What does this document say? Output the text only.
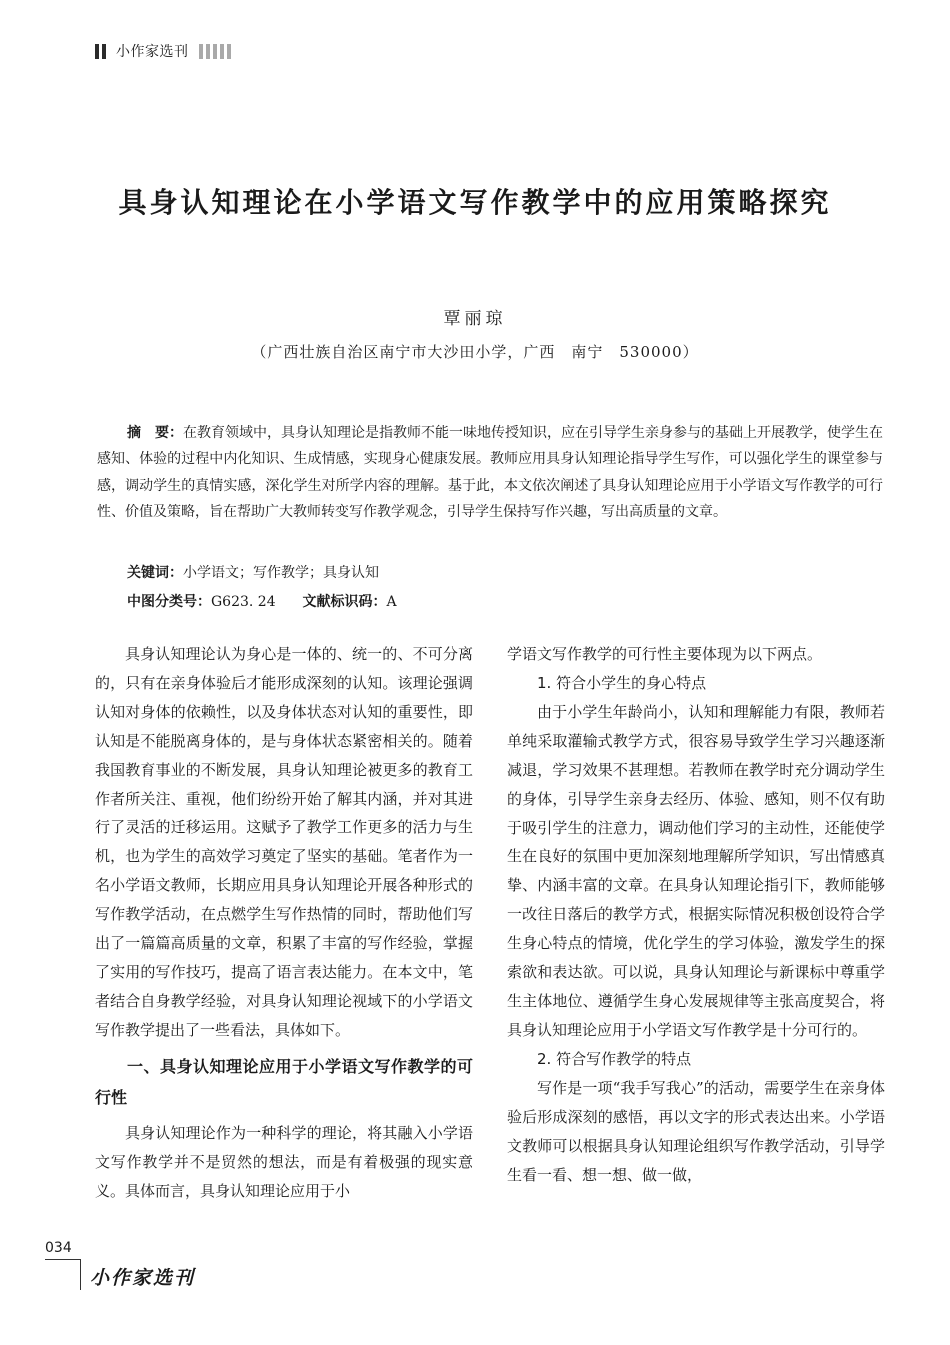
小作家选刊
具身认知理论在小学语文写作教学中的应用策略探究
覃丽琼
（广西壮族自治区南宁市大沙田小学，广西　南宁　530000）
摘　要：在教育领域中，具身认知理论是指教师不能一味地传授知识，应在引导学生亲身参与的基础上开展教学，使学生在感知、体验的过程中内化知识、生成情感，实现身心健康发展。教师应用具身认知理论指导学生写作，可以强化学生的课堂参与感，调动学生的真情实感，深化学生对所学内容的理解。基于此，本文依次阐述了具身认知理论应用于小学语文写作教学的可行性、价值及策略，旨在帮助广大教师转变写作教学观念，引导学生保持写作兴趣，写出高质量的文章。
关键词：小学语文；写作教学；具身认知
中图分类号：G623. 24 文献标识码：A

具身认知理论认为身心是一体的、统一的、不可分离的，只有在亲身体验后才能形成深刻的认知。该理论强调认知对身体的依赖性，以及身体状态对认知的重要性，即认知是不能脱离身体的，是与身体状态紧密相关的。随着我国教育事业的不断发展，具身认知理论被更多的教育工作者所关注、重视，他们纷纷开始了解其内涵，并对其进行了灵活的迁移运用。这赋予了教学工作更多的活力与生机，也为学生的高效学习奠定了坚实的基础。笔者作为一名小学语文教师，长期应用具身认知理论开展各种形式的写作教学活动，在点燃学生写作热情的同时，帮助他们写出了一篇篇高质量的文章，积累了丰富的写作经验，掌握了实用的写作技巧，提高了语言表达能力。在本文中，笔者结合自身教学经验，对具身认知理论视域下的小学语文写作教学提出了一些看法，具体如下。

一、具身认知理论应用于小学语文写作教学的可行性

具身认知理论作为一种科学的理论，将其融入小学语文写作教学并不是贸然的想法，而是有着极强的现实意义。具体而言，具身认知理论应用于小

学语文写作教学的可行性主要体现为以下两点。

1. 符合小学生的身心特点

由于小学生年龄尚小，认知和理解能力有限，教师若单纯采取灌输式教学方式，很容易导致学生学习兴趣逐渐减退，学习效果不甚理想。若教师在教学时充分调动学生的身体，引导学生亲身去经历、体验、感知，则不仅有助于吸引学生的注意力，调动他们学习的主动性，还能使学生在良好的氛围中更加深刻地理解所学知识，写出情感真挚、内涵丰富的文章。在具身认知理论指引下，教师能够一改往日落后的教学方式，根据实际情况积极创设符合学生身心特点的情境，优化学生的学习体验，激发学生的探索欲和表达欲。可以说，具身认知理论与新课标中尊重学生主体地位、遵循学生身心发展规律等主张高度契合，将具身认知理论应用于小学语文写作教学是十分可行的。

2. 符合写作教学的特点

写作是一项“我手写我心”的活动，需要学生在亲身体验后形成深刻的感悟，再以文字的形式表达出来。小学语文教师可以根据具身认知理论组织写作教学活动，引导学生看一看、想一想、做一做，

034
小作家选刊
